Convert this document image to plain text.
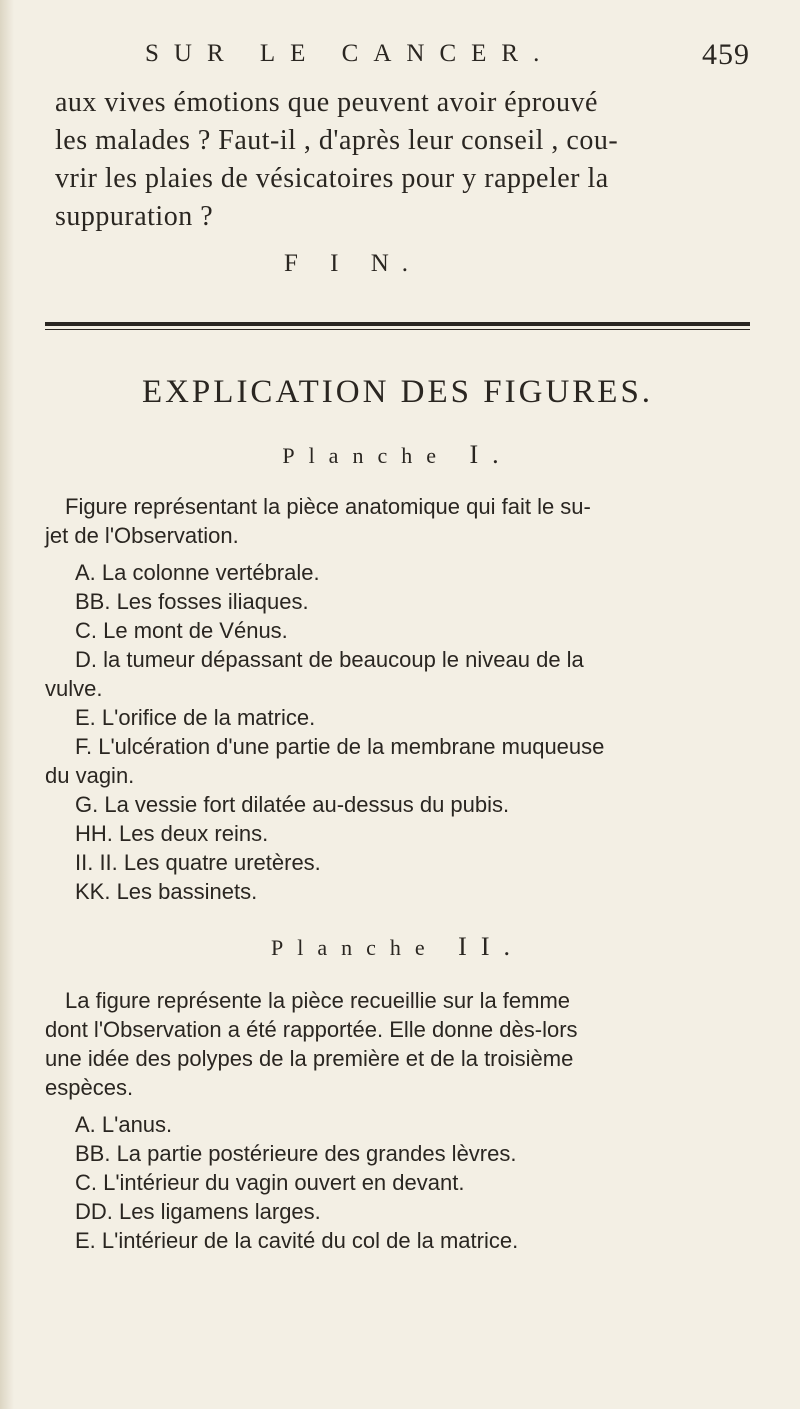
SUR LE CANCER.	459
aux vives émotions que peuvent avoir éprouvé
les malades ? Faut-il , d'après leur conseil , cou-
vrir les plaies de vésicatoires pour y rappeler la
suppuration ?
F I N.
EXPLICATION DES FIGURES.
Planche I.
Figure représentant la pièce anatomique qui fait le su-
jet de l'Observation.
A. La colonne vertébrale.
BB. Les fosses iliaques.
C. Le mont de Vénus.
D. la tumeur dépassant de beaucoup le niveau de la
vulve.
E. L'orifice de la matrice.
F. L'ulcération d'une partie de la membrane muqueuse
du vagin.
G. La vessie fort dilatée au-dessus du pubis.
HH. Les deux reins.
II. II. Les quatre uretères.
KK. Les bassinets.
Planche II.
La figure représente la pièce recueillie sur la femme
dont l'Observation a été rapportée. Elle donne dès-lors
une idée des polypes de la première et de la troisième
espèces.
A. L'anus.
BB. La partie postérieure des grandes lèvres.
C. L'intérieur du vagin ouvert en devant.
DD. Les ligamens larges.
E. L'intérieur de la cavité du col de la matrice.
